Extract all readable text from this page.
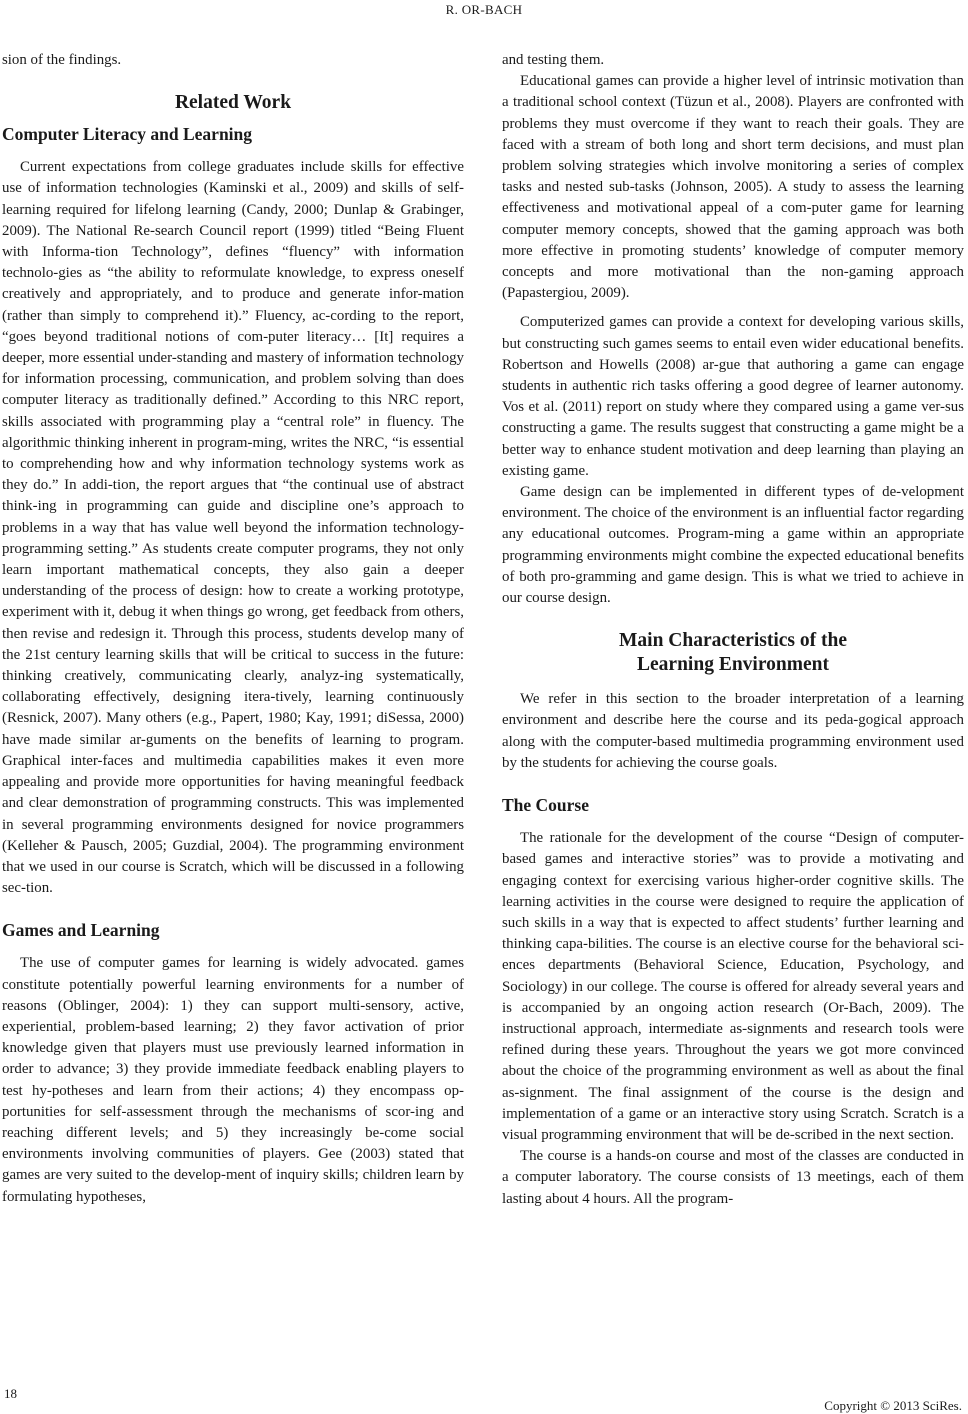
R. OR-BACH

sion of the findings.

Related Work
Computer Literacy and Learning

Current expectations from college graduates include skills for effective use of information technologies (Kaminski et al., 2009) and skills of self-learning required for lifelong learning (Candy, 2000; Dunlap & Grabinger, 2009). The National Re-search Council report (1999) titled “Being Fluent with Informa-tion Technology”, defines “fluency” with information technolo-gies as “the ability to reformulate knowledge, to express oneself creatively and appropriately, and to produce and generate infor-mation (rather than simply to comprehend it).” Fluency, ac-cording to the report, “goes beyond traditional notions of com-puter literacy… [It] requires a deeper, more essential under-standing and mastery of information technology for information processing, communication, and problem solving than does computer literacy as traditionally defined.” According to this NRC report, skills associated with programming play a “central role” in fluency. The algorithmic thinking inherent in program-ming, writes the NRC, “is essential to comprehending how and why information technology systems work as they do.” In addi-tion, the report argues that “the continual use of abstract think-ing in programming can guide and discipline one’s approach to problems in a way that has value well beyond the information technology-programming setting.” As students create computer programs, they not only learn important mathematical concepts, they also gain a deeper understanding of the process of design: how to create a working prototype, experiment with it, debug it when things go wrong, get feedback from others, then revise and redesign it. Through this process, students develop many of the 21st century learning skills that will be critical to success in the future: thinking creatively, communicating clearly, analyz-ing systematically, collaborating effectively, designing itera-tively, learning continuously (Resnick, 2007). Many others (e.g., Papert, 1980; Kay, 1991; diSessa, 2000) have made similar ar-guments on the benefits of learning to program. Graphical inter-faces and multimedia capabilities makes it even more appealing and provide more opportunities for having meaningful feedback and clear demonstration of programming constructs. This was implemented in several programming environments designed for novice programmers (Kelleher & Pausch, 2005; Guzdial, 2004). The programming environment that we used in our course is Scratch, which will be discussed in a following sec-tion.

Games and Learning

The use of computer games for learning is widely advocated. games constitute potentially powerful learning environments for a number of reasons (Oblinger, 2004): 1) they can support multi-sensory, active, experiential, problem-based learning; 2) they favor activation of prior knowledge given that players must use previously learned information in order to advance; 3) they provide immediate feedback enabling players to test hy-potheses and learn from their actions; 4) they encompass op-portunities for self-assessment through the mechanisms of scor-ing and reaching different levels; and 5) they increasingly be-come social environments involving communities of players. Gee (2003) stated that games are very suited to the develop-ment of inquiry skills; children learn by formulating hypotheses,

and testing them.

Educational games can provide a higher level of intrinsic motivation than a traditional school context (Tüzun et al., 2008). Players are confronted with problems they must overcome if they want to reach their goals. They are faced with a stream of both long and short term decisions, and must plan problem solving strategies which involve monitoring a series of complex tasks and nested sub-tasks (Johnson, 2005). A study to assess the learning effectiveness and motivational appeal of a com-puter game for learning computer memory concepts, showed that the gaming approach was both more effective in promoting students’ knowledge of computer memory concepts and more motivational than the non-gaming approach (Papastergiou, 2009).

Computerized games can provide a context for developing various skills, but constructing such games seems to entail even wider educational benefits. Robertson and Howells (2008) ar-gue that authoring a game can engage students in authentic rich tasks offering a good degree of learner autonomy. Vos et al. (2011) report on study where they compared using a game ver-sus constructing a game. The results suggest that constructing a game might be a better way to enhance student motivation and deep learning than playing an existing game.

Game design can be implemented in different types of de-velopment environment. The choice of the environment is an influential factor regarding any educational outcomes. Program-ming a game within an appropriate programming environments might combine the expected educational benefits of both pro-gramming and game design. This is what we tried to achieve in our course design.

Main Characteristics of the
Learning Environment

We refer in this section to the broader interpretation of a learning environment and describe here the course and its peda-gogical approach along with the computer-based multimedia programming environment used by the students for achieving the course goals.

The Course

The rationale for the development of the course “Design of computer-based games and interactive stories” was to provide a motivating and engaging context for exercising various higher-order cognitive skills. The learning activities in the course were designed to require the application of such skills in a way that is expected to affect students’ further learning and thinking capa-bilities. The course is an elective course for the behavioral sci-ences departments (Behavioral Science, Education, Psychology, and Sociology) in our college. The course is offered for already several years and is accompanied by an ongoing action research (Or-Bach, 2009). The instructional approach, intermediate as-signments and research tools were refined during these years. Throughout the years we got more convinced about the choice of the programming environment as well as about the final as-signment. The final assignment of the course is the design and implementation of a game or an interactive story using Scratch. Scratch is a visual programming environment that will be de-scribed in the next section.

The course is a hands-on course and most of the classes are conducted in a computer laboratory. The course consists of 13 meetings, each of them lasting about 4 hours. All the program-

18
Copyright © 2013 SciRes.
